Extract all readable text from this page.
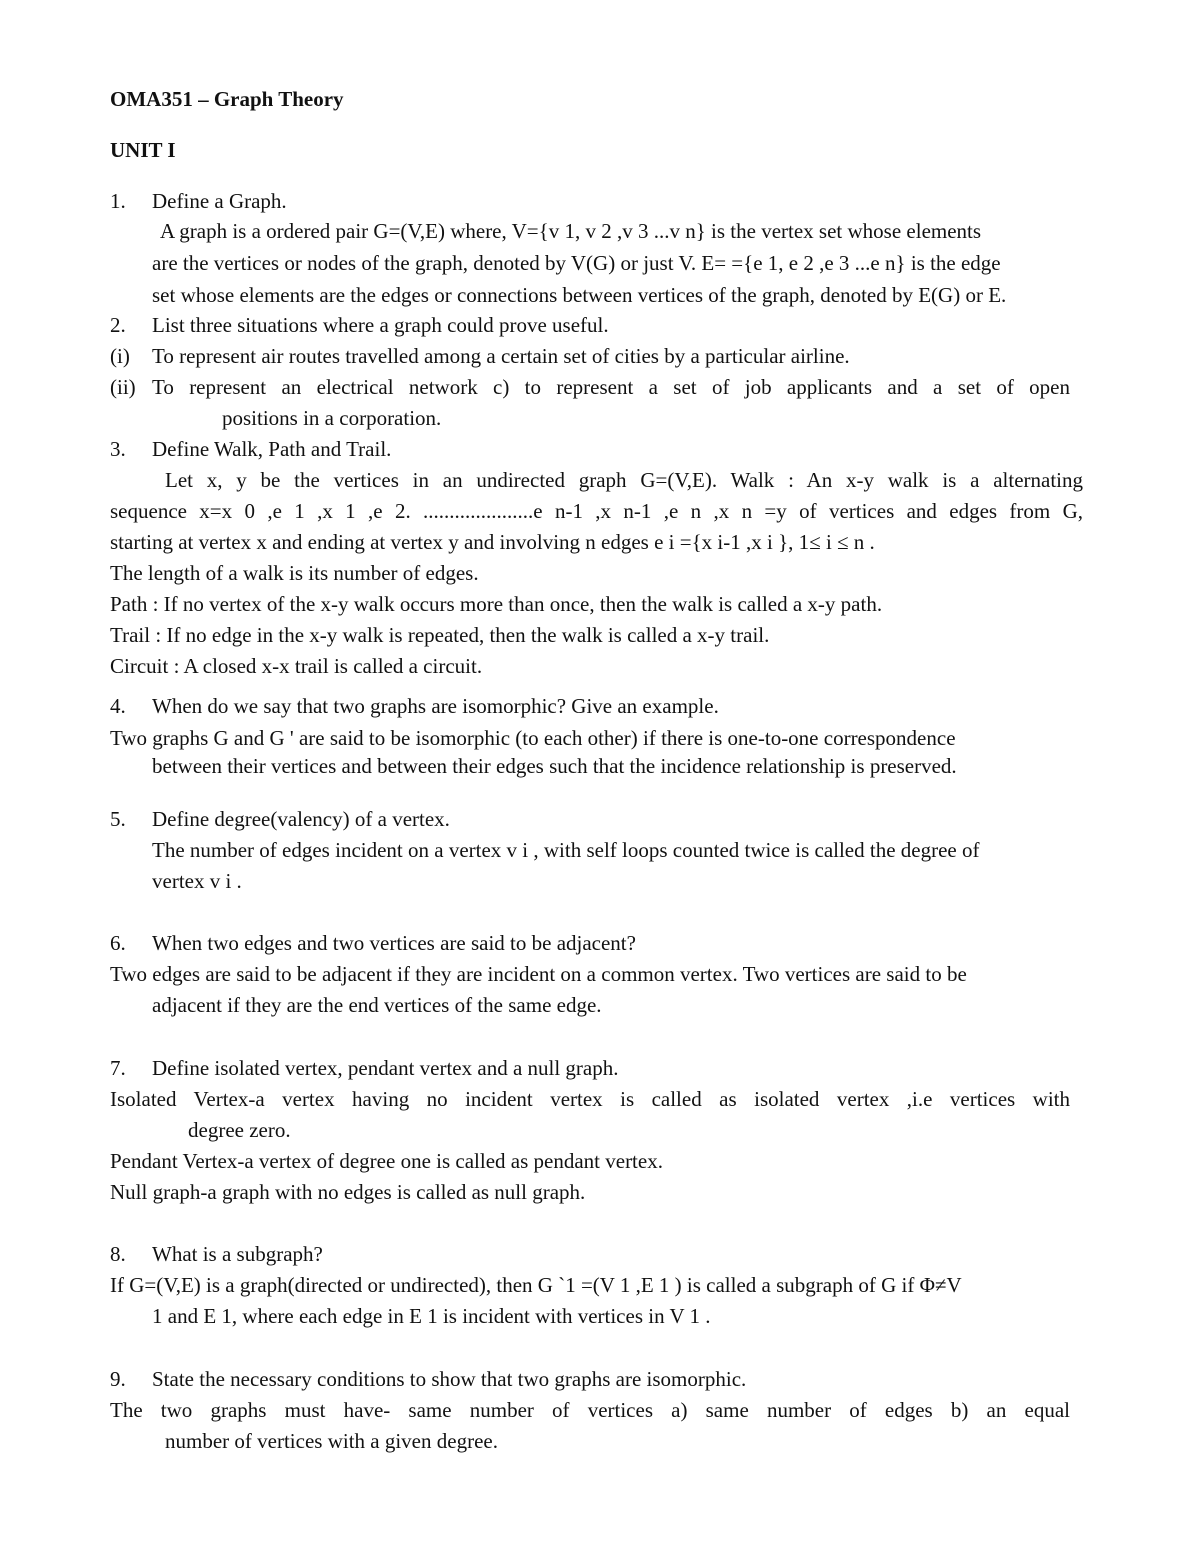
OMA351 – Graph Theory

UNIT I

1. Define a Graph.

A graph is a ordered pair G=(V,E) where, V={v 1, v 2 ,v 3 ...v n} is the vertex set whose elements

are the vertices or nodes of the graph, denoted by V(G) or just V. E= ={e 1, e 2 ,e 3 ...e n} is the edge

set whose elements are the edges or connections between vertices of the graph, denoted by E(G) or E.

2. List three situations where a graph could prove useful.
(i) To represent air routes travelled among a certain set of cities by a particular airline.
(ii) To represent an electrical network c) to represent a set of job applicants and a set of open

positions in a corporation.

3. Define Walk, Path and Trail.

Let x, y be the vertices in an undirected graph G=(V,E). Walk : An x-y walk is a alternating

sequence x=x 0 ,e 1 ,x 1 ,e 2. .....................e n-1 ,x n-1 ,e n ,x n =y of vertices and edges from G,

starting at vertex x and ending at vertex y and involving n edges e i ={x i-1 ,x i }, 1≤ i ≤ n .

The length of a walk is its number of edges.

Path : If no vertex of the x-y walk occurs more than once, then the walk is called a x-y path.

Trail : If no edge in the x-y walk is repeated, then the walk is called a x-y trail.

Circuit : A closed x-x trail is called a circuit.

4. When do we say that two graphs are isomorphic? Give an example.

Two graphs G and G ' are said to be isomorphic (to each other) if there is one-to-one correspondence

between their vertices and between their edges such that the incidence relationship is preserved.

5. Define degree(valency) of a vertex.

The number of edges incident on a vertex v i , with self loops counted twice is called the degree of

vertex v i .

6. When two edges and two vertices are said to be adjacent?

Two edges are said to be adjacent if they are incident on a common vertex. Two vertices are said to be

adjacent if they are the end vertices of the same edge.

7. Define isolated vertex, pendant vertex and a null graph.

Isolated Vertex-a vertex having no incident vertex is called as isolated vertex ,i.e vertices with

degree zero.

Pendant Vertex-a vertex of degree one is called as pendant vertex.

Null graph-a graph with no edges is called as null graph.

8. What is a subgraph?

If G=(V,E) is a graph(directed or undirected), then G `1 =(V 1 ,E 1 ) is called a subgraph of G if Φ≠V

1 and E 1, where each edge in E 1 is incident with vertices in V 1 .

9. State the necessary conditions to show that two graphs are isomorphic.

The two graphs must have- same number of vertices a) same number of edges b) an equal

number of vertices with a given degree.
